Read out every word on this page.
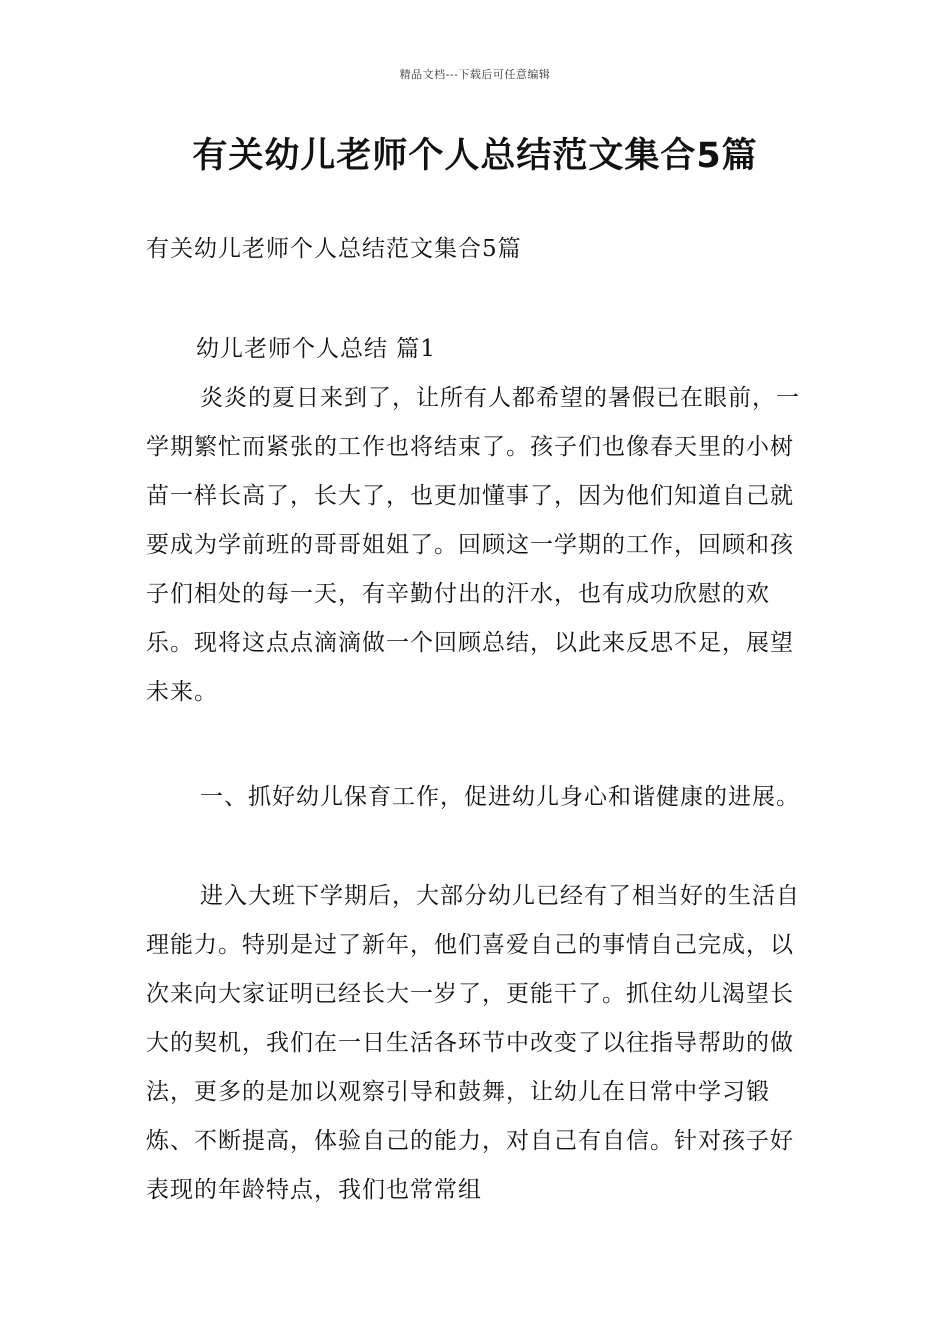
精品文档---下载后可任意编辑
有关幼儿老师个人总结范文集合5篇

有关幼儿老师个人总结范文集合5篇

幼儿老师个人总结 篇1

炎炎的夏日来到了，让所有人都希望的暑假已在眼前，一学期繁忙而紧张的工作也将结束了。孩子们也像春天里的小树苗一样长高了，长大了，也更加懂事了，因为他们知道自己就要成为学前班的哥哥姐姐了。回顾这一学期的工作，回顾和孩子们相处的每一天，有辛勤付出的汗水，也有成功欣慰的欢乐。现将这点点滴滴做一个回顾总结，以此来反思不足，展望未来。

一、抓好幼儿保育工作，促进幼儿身心和谐健康的进展。

进入大班下学期后，大部分幼儿已经有了相当好的生活自理能力。特别是过了新年，他们喜爱自己的事情自己完成，以次来向大家证明已经长大一岁了，更能干了。抓住幼儿渴望长大的契机，我们在一日生活各环节中改变了以往指导帮助的做法，更多的是加以观察引导和鼓舞，让幼儿在日常中学习锻炼、不断提高，体验自己的能力，对自己有自信。针对孩子好表现的年龄特点，我们也常常组
